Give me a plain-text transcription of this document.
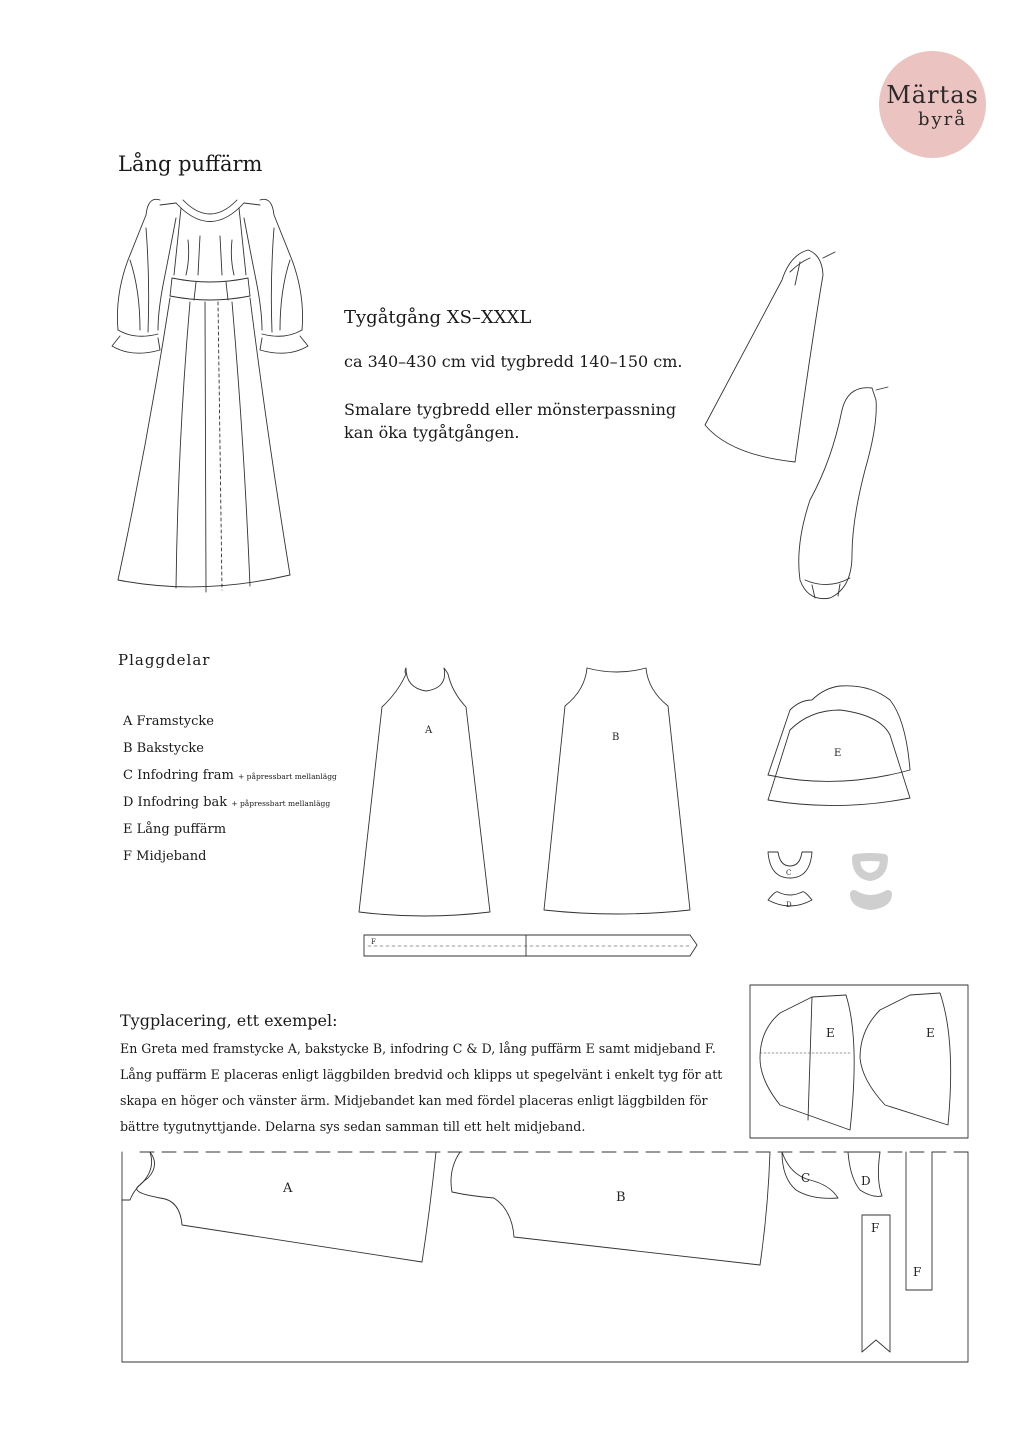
Märtas
byrå
Lång puffärm
Tygåtgång XS–XXXL
ca 340–430 cm vid tygbredd 140–150 cm.
Smalare tygbredd eller mönsterpassning
kan öka tygåtgången.
Plaggdelar
A Framstycke
B Bakstycke
C Infodring fram + påpressbart mellanlägg
D Infodring bak + påpressbart mellanlägg
E Lång puffärm
F Midjeband
Tygplacering, ett exempel:
En Greta med framstycke A, bakstycke B, infodring C & D, lång puffärm E samt midjeband F.
Lång puffärm E placeras enligt läggbilden bredvid och klipps ut spegelvänt i enkelt tyg för att
skapa en höger och vänster ärm. Midjebandet kan med fördel placeras enligt läggbilden för
bättre tygutnyttjande. Delarna sys sedan samman till ett helt midjeband.
A
B
E
C
D
F
E	E
A
B
C	D
F
F
